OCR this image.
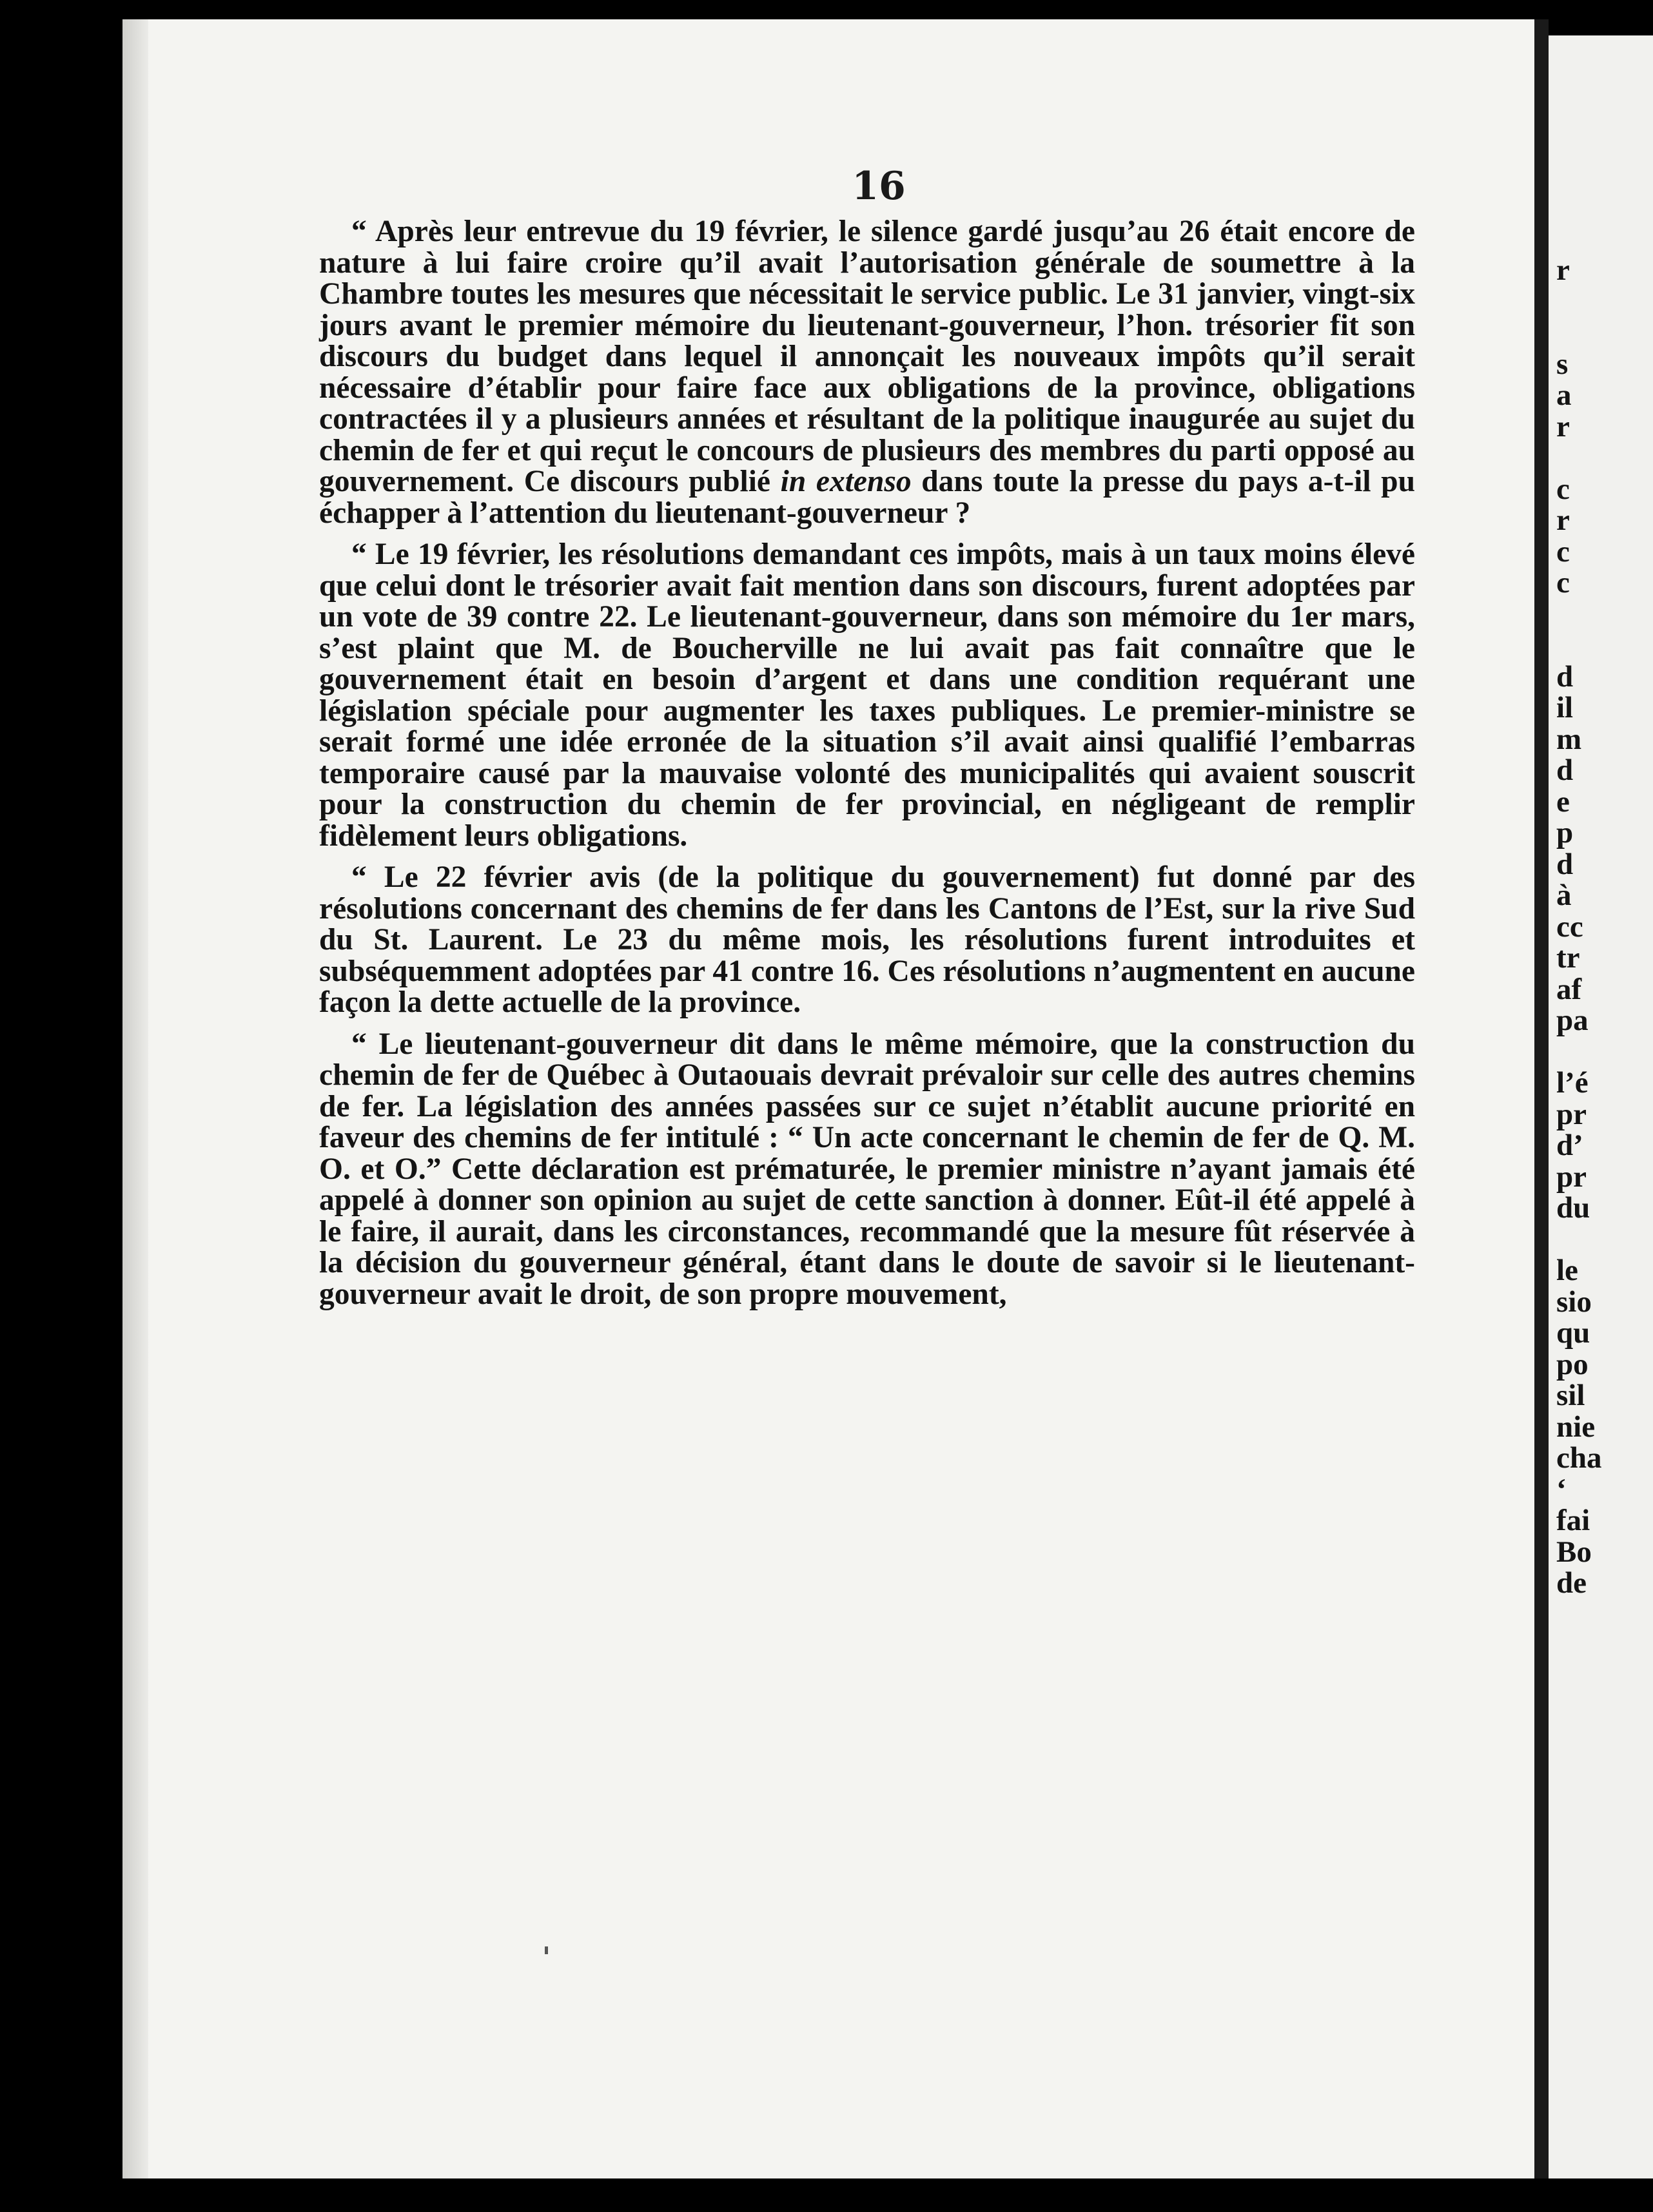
16

“ Après leur entrevue du 19 février, le silence gardé jusqu’au 26 était encore de nature à lui faire croire qu’il avait l’autorisation générale de soumettre à la Chambre toutes les mesures que nécessitait le service public. Le 31 janvier, vingt-six jours avant le premier mémoire du lieutenant-gouverneur, l’hon. trésorier fit son discours du budget dans lequel il annonçait les nouveaux impôts qu’il serait nécessaire d’établir pour faire face aux obligations de la province, obligations contractées il y a plusieurs années et résultant de la politique inaugurée au sujet du chemin de fer et qui reçut le concours de plusieurs des membres du parti opposé au gouvernement. Ce discours publié in extenso dans toute la presse du pays a-t-il pu échapper à l’attention du lieutenant-gouverneur ?

“ Le 19 février, les résolutions demandant ces impôts, mais à un taux moins élevé que celui dont le trésorier avait fait mention dans son discours, furent adoptées par un vote de 39 contre 22. Le lieutenant-gouverneur, dans son mémoire du 1er mars, s’est plaint que M. de Boucherville ne lui avait pas fait connaître que le gouvernement était en besoin d’argent et dans une condition requérant une législation spéciale pour augmenter les taxes publiques. Le premier-ministre se serait formé une idée erronée de la situation s’il avait ainsi qualifié l’embarras temporaire causé par la mauvaise volonté des municipalités qui avaient souscrit pour la construction du chemin de fer provincial, en négligeant de remplir fidèlement leurs obligations.

“ Le 22 février avis (de la politique du gouvernement) fut donné par des résolutions concernant des chemins de fer dans les Cantons de l’Est, sur la rive Sud du St. Laurent. Le 23 du même mois, les résolutions furent introduites et subséquemment adoptées par 41 contre 16. Ces résolutions n’augmentent en aucune façon la dette actuelle de la province.

“ Le lieutenant-gouverneur dit dans le même mémoire, que la construction du chemin de fer de Québec à Outaouais devrait prévaloir sur celle des autres chemins de fer. La législation des années passées sur ce sujet n’établit aucune priorité en faveur des chemins de fer intitulé : “ Un acte concernant le chemin de fer de Q. M. O. et O.” Cette déclaration est prématurée, le premier ministre n’ayant jamais été appelé à donner son opinion au sujet de cette sanction à donner. Eût-il été appelé à le faire, il aurait, dans les circonstances, recommandé que la mesure fût réservée à la décision du gouverneur général, étant dans le doute de savoir si le lieutenant-gouverneur avait le droit, de son propre mouvement,

r
s
a
r
c
r
c
c
d
il
m
d
e
p
d
à
cc
tr
af
pa
l’é
pr
d’
pr
du
le
sio
qu
po
sil
nie
cha
‘
fai
Bo
de
